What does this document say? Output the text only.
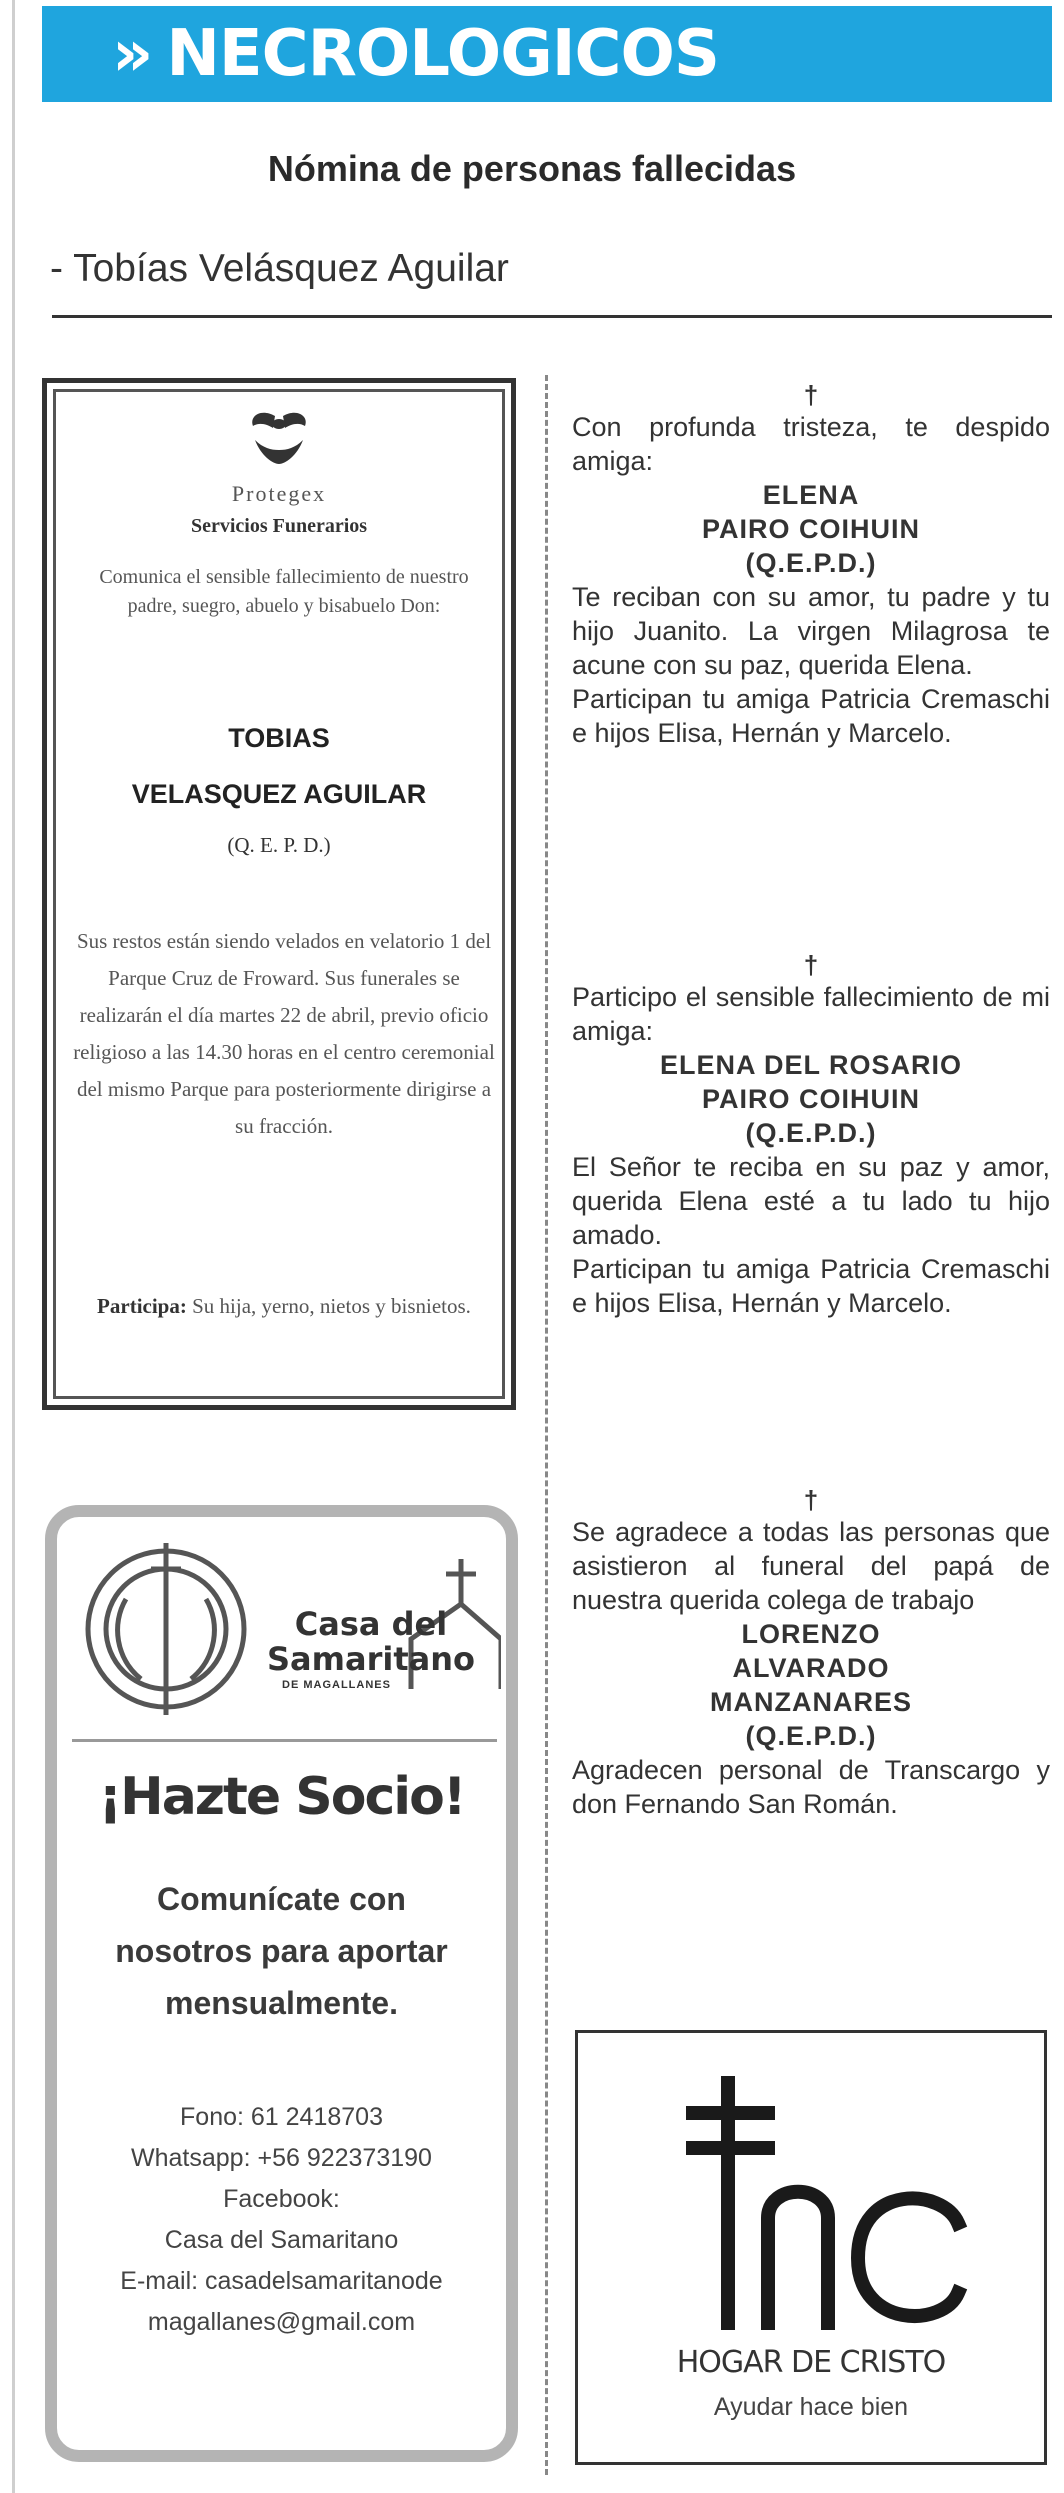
» NECROLOGICOS
Nómina de personas fallecidas
- Tobías Velásquez Aguilar
Protegex
Servicios Funerarios
Comunica el sensible fallecimiento de nuestro padre, suegro, abuelo y bisabuelo Don:
TOBIAS
VELASQUEZ AGUILAR
(Q. E. P. D.)
Sus restos están siendo velados en velatorio 1 del Parque Cruz de Froward. Sus funerales se realizarán el día martes 22 de abril, previo oficio religioso a las 14.30 horas en el centro ceremonial del mismo Parque para posteriormente dirigirse a su fracción.
Participa: Su hija, yerno, nietos y bisnietos.
Casa del
Samaritano
DE MAGALLANES
¡Hazte Socio!
Comunícate con
nosotros para aportar
mensualmente.
Fono: 61 2418703
Whatsapp: +56 922373190
Facebook:
Casa del Samaritano
E-mail: casadelsamaritanode
magallanes@gmail.com
†
Con profunda tristeza, te despido amiga:
ELENA
PAIRO COIHUIN
(Q.E.P.D.)
Te reciban con su amor, tu padre y tu hijo Juanito. La virgen Milagrosa te acune con su paz, querida Elena.
Participan tu amiga Patricia Cremaschi e hijos Elisa, Hernán y Marcelo.
†
Participo el sensible fallecimiento de mi amiga:
ELENA DEL ROSARIO
PAIRO COIHUIN
(Q.E.P.D.)
El Señor te reciba en su paz y amor, querida Elena esté a tu lado tu hijo amado.
Participan tu amiga Patricia Cremaschi e hijos Elisa, Hernán y Marcelo.
†
Se agradece a todas las personas que asistieron al funeral del papá de nuestra querida colega de trabajo
LORENZO
ALVARADO
MANZANARES
(Q.E.P.D.)
Agradecen personal de Transcargo y don Fernando San Román.
HOGAR DE CRISTO
Ayudar hace bien
